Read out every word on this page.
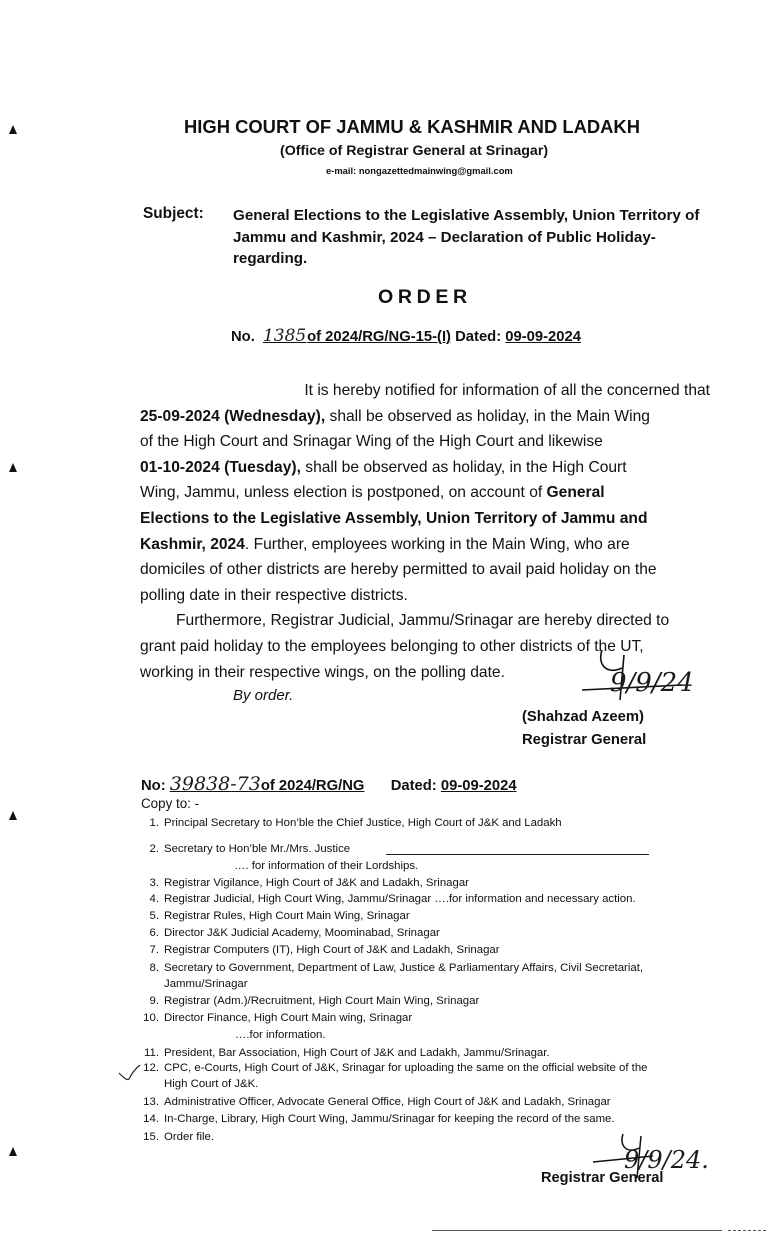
HIGH COURT OF JAMMU & KASHMIR AND LADAKH
(Office of Registrar General at Srinagar)
e-mail: nongazettedmainwing@gmail.com
Subject: General Elections to the Legislative Assembly, Union Territory of
Jammu and Kashmir, 2024 – Declaration of Public Holiday-
regarding.
ORDER
No. 1385 of 2024/RG/NG-15-(I) Dated: 09-09-2024
It is hereby notified for information of all the concerned that
25-09-2024 (Wednesday), shall be observed as holiday, in the Main Wing
of the High Court and Srinagar Wing of the High Court and likewise
01-10-2024 (Tuesday), shall be observed as holiday, in the High Court
Wing, Jammu, unless election is postponed, on account of General
Elections to the Legislative Assembly, Union Territory of Jammu and
Kashmir, 2024. Further, employees working in the Main Wing, who are
domiciles of other districts are hereby permitted to avail paid holiday on the
polling date in their respective districts.
Furthermore, Registrar Judicial, Jammu/Srinagar are hereby directed to
grant paid holiday to the employees belonging to other districts of the UT,
working in their respective wings, on the polling date.
By order.	9/9/24
(Shahzad Azeem)
Registrar General
No: 39838-73of 2024/RG/NG Dated: 09-09-2024
Copy to: -
1. Principal Secretary to Hon’ble the Chief Justice, High Court of J&K and Ladakh
2. Secretary to Hon’ble Mr./Mrs. Justice
…. for information of their Lordships.
3. Registrar Vigilance, High Court of J&K and Ladakh, Srinagar
4. Registrar Judicial, High Court Wing, Jammu/Srinagar ….for information and necessary action.
5. Registrar Rules, High Court Main Wing, Srinagar
6. Director J&K Judicial Academy, Moominabad, Srinagar
7. Registrar Computers (IT), High Court of J&K and Ladakh, Srinagar
8. Secretary to Government, Department of Law, Justice & Parliamentary Affairs, Civil Secretariat,
Jammu/Srinagar
9. Registrar (Adm.)/Recruitment, High Court Main Wing, Srinagar
10. Director Finance, High Court Main wing, Srinagar
….for information.
11. President, Bar Association, High Court of J&K and Ladakh, Jammu/Srinagar.
12. CPC, e-Courts, High Court of J&K, Srinagar for uploading the same on the official website of the
High Court of J&K.
13. Administrative Officer, Advocate General Office, High Court of J&K and Ladakh, Srinagar
14. In-Charge, Library, High Court Wing, Jammu/Srinagar for keeping the record of the same.
15. Order file.
9/9/24.
Registrar General
